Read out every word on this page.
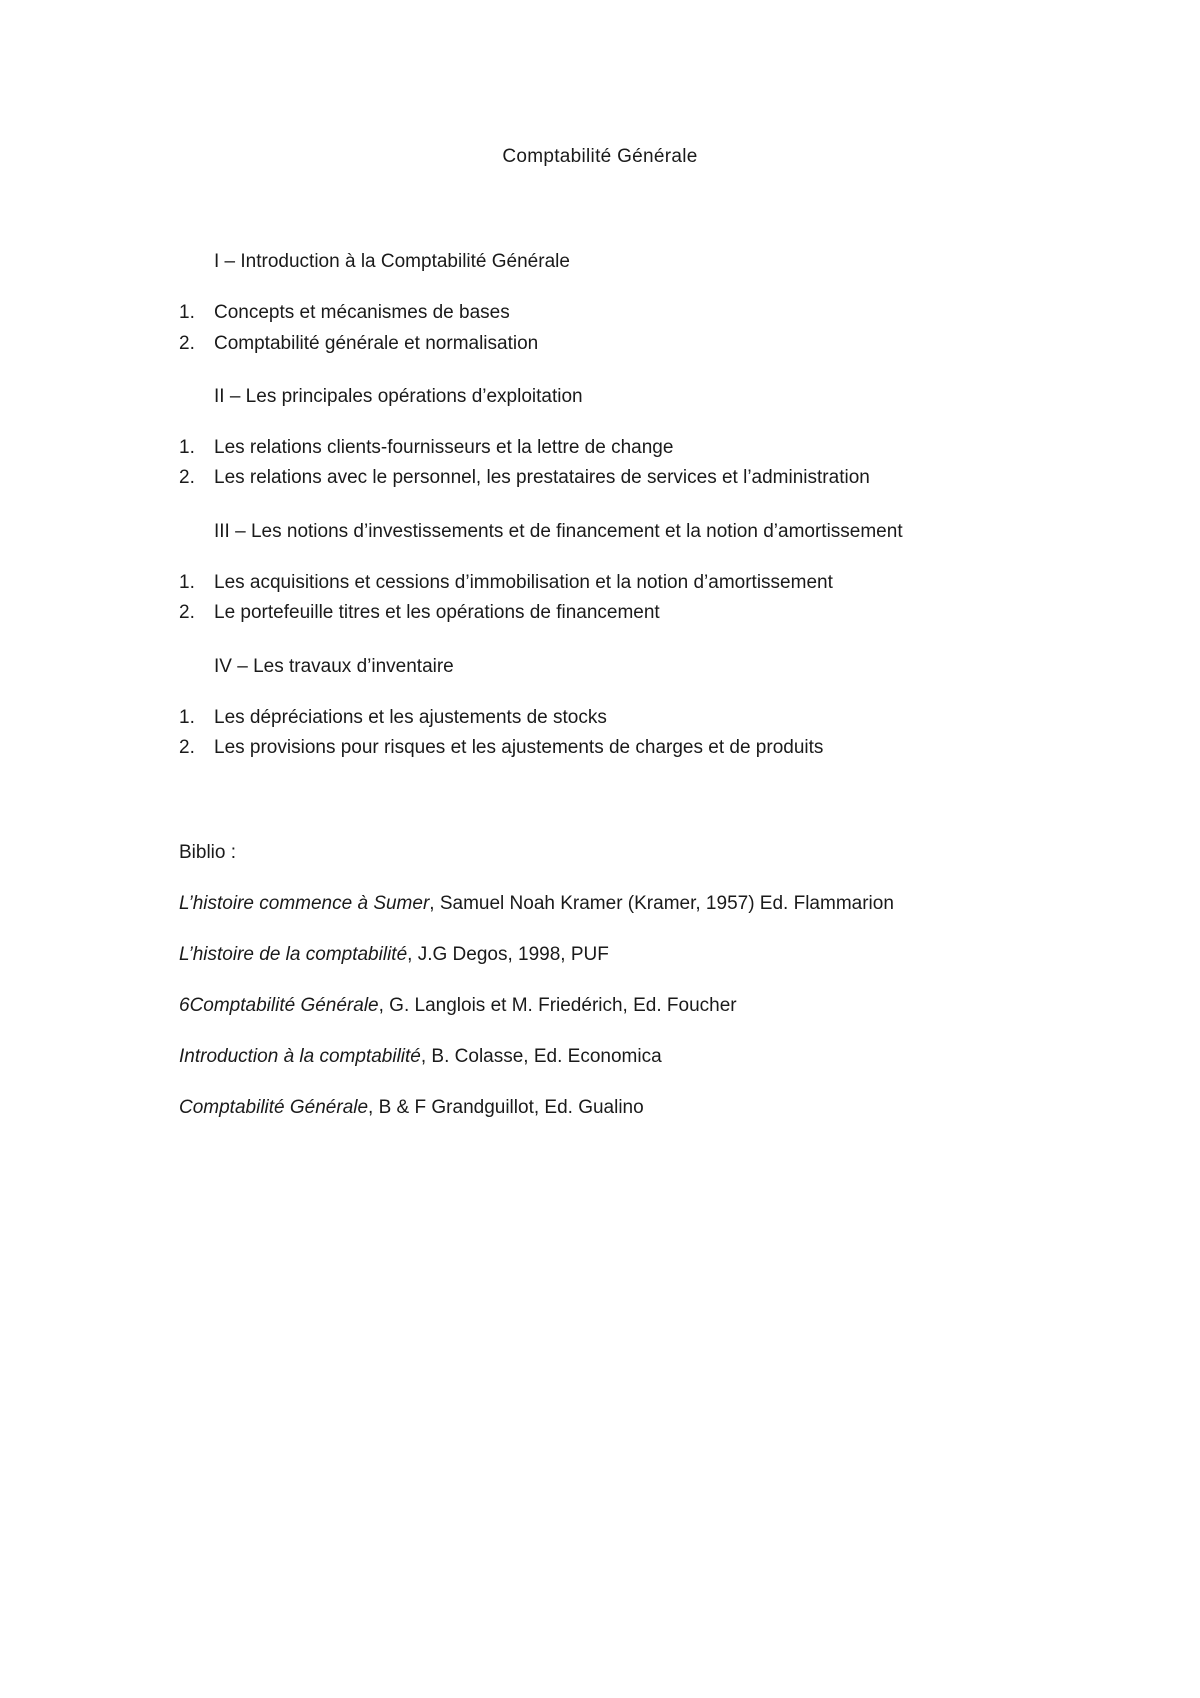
Comptabilité Générale
I – Introduction à la Comptabilité Générale
1. Concepts et mécanismes de bases
2. Comptabilité générale et normalisation
II – Les principales opérations d’exploitation
1. Les relations clients-fournisseurs et la lettre de change
2. Les relations avec le personnel, les prestataires de services et l’administration
III – Les notions d’investissements et de financement et la notion d’amortissement
1. Les acquisitions et cessions d’immobilisation et la notion d’amortissement
2. Le portefeuille titres et les opérations de financement
IV – Les travaux d’inventaire
1. Les dépréciations et les ajustements de stocks
2. Les provisions pour risques et les ajustements de charges et de produits
Biblio :
L’histoire commence à Sumer, Samuel Noah Kramer (Kramer, 1957) Ed. Flammarion
L’histoire de la comptabilité, J.G Degos, 1998, PUF
6Comptabilité Générale, G. Langlois et M. Friedérich, Ed. Foucher
Introduction à la comptabilité, B. Colasse, Ed. Economica
Comptabilité Générale, B & F Grandguillot, Ed. Gualino
